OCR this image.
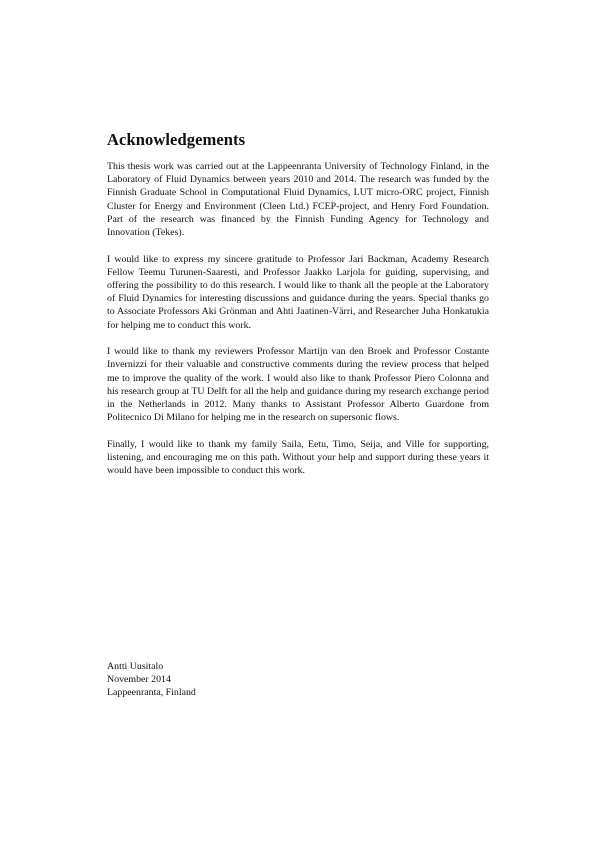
Acknowledgements

This thesis work was carried out at the Lappeenranta University of Technology Finland, in the Laboratory of Fluid Dynamics between years 2010 and 2014. The research was funded by the Finnish Graduate School in Computational Fluid Dynamics, LUT micro-ORC project, Finnish Cluster for Energy and Environment (Cleen Ltd.) FCEP-project, and Henry Ford Foundation. Part of the research was financed by the Finnish Funding Agency for Technology and Innovation (Tekes).

I would like to express my sincere gratitude to Professor Jari Backman, Academy Research Fellow Teemu Turunen-Saaresti, and Professor Jaakko Larjola for guiding, supervising, and offering the possibility to do this research. I would like to thank all the people at the Laboratory of Fluid Dynamics for interesting discussions and guidance during the years. Special thanks go to Associate Professors Aki Grönman and Ahti Jaatinen-Värri, and Researcher Juha Honkatukia for helping me to conduct this work.

I would like to thank my reviewers Professor Martijn van den Broek and Professor Costante Invernizzi for their valuable and constructive comments during the review process that helped me to improve the quality of the work. I would also like to thank Professor Piero Colonna and his research group at TU Delft for all the help and guidance during my research exchange period in the Netherlands in 2012. Many thanks to Assistant Professor Alberto Guardone from Politecnico Di Milano for helping me in the research on supersonic flows.

Finally, I would like to thank my family Saila, Eetu, Timo, Seija, and Ville for supporting, listening, and encouraging me on this path. Without your help and support during these years it would have been impossible to conduct this work.

Antti Uusitalo
November 2014
Lappeenranta, Finland
